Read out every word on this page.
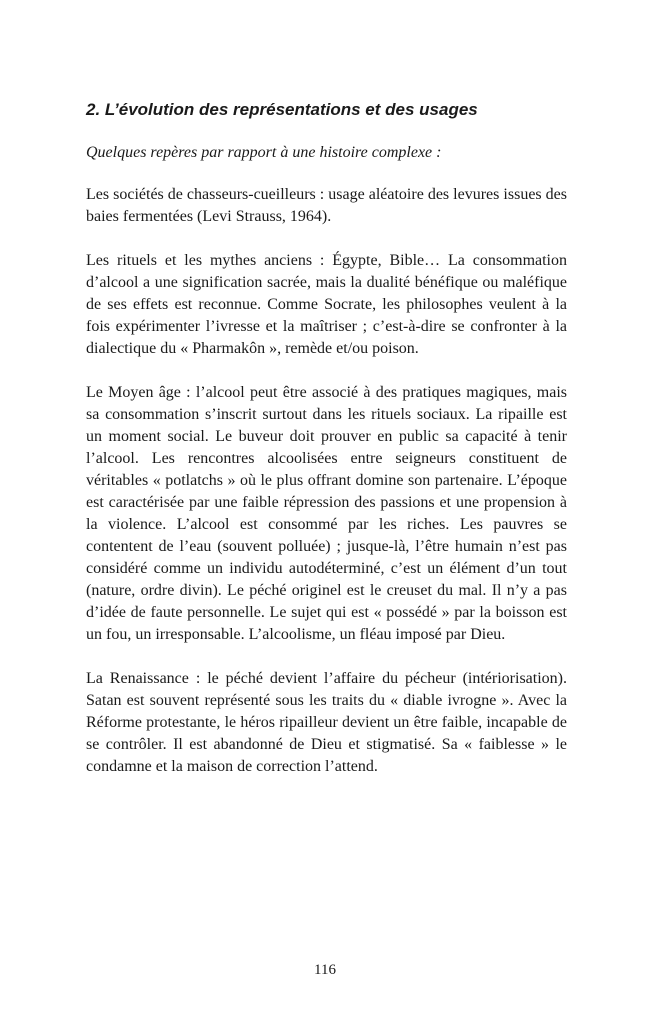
2. L’évolution des représentations et des usages

Quelques repères par rapport à une histoire complexe :

Les sociétés de chasseurs-cueilleurs : usage aléatoire des levures issues des baies fermentées (Levi Strauss, 1964).

Les rituels et les mythes anciens : Égypte, Bible… La consommation d’alcool a une signification sacrée, mais la dualité bénéfique ou maléfique de ses effets est reconnue. Comme Socrate, les philosophes veulent à la fois expérimenter l’ivresse et la maîtriser ; c’est-à-dire se confronter à la dialectique du « Pharmakôn », remède et/ou poison.

Le Moyen âge : l’alcool peut être associé à des pratiques magiques, mais sa consommation s’inscrit surtout dans les rituels sociaux. La ripaille est un moment social. Le buveur doit prouver en public sa capacité à tenir l’alcool. Les rencontres alcoolisées entre seigneurs constituent de véritables « potlatchs » où le plus offrant domine son partenaire. L’époque est caractérisée par une faible répression des passions et une propension à la violence. L’alcool est consommé par les riches. Les pauvres se contentent de l’eau (souvent polluée) ; jusque-là, l’être humain n’est pas considéré comme un individu autodéterminé, c’est un élément d’un tout (nature, ordre divin). Le péché originel est le creuset du mal. Il n’y a pas d’idée de faute personnelle. Le sujet qui est « possédé » par la boisson est un fou, un irresponsable. L’alcoolisme, un fléau imposé par Dieu.

La Renaissance : le péché devient l’affaire du pécheur (intériorisation). Satan est souvent représenté sous les traits du « diable ivrogne ». Avec la Réforme protestante, le héros ripailleur devient un être faible, incapable de se contrôler. Il est abandonné de Dieu et stigmatisé. Sa « faiblesse » le condamne et la maison de correction l’attend.

116
